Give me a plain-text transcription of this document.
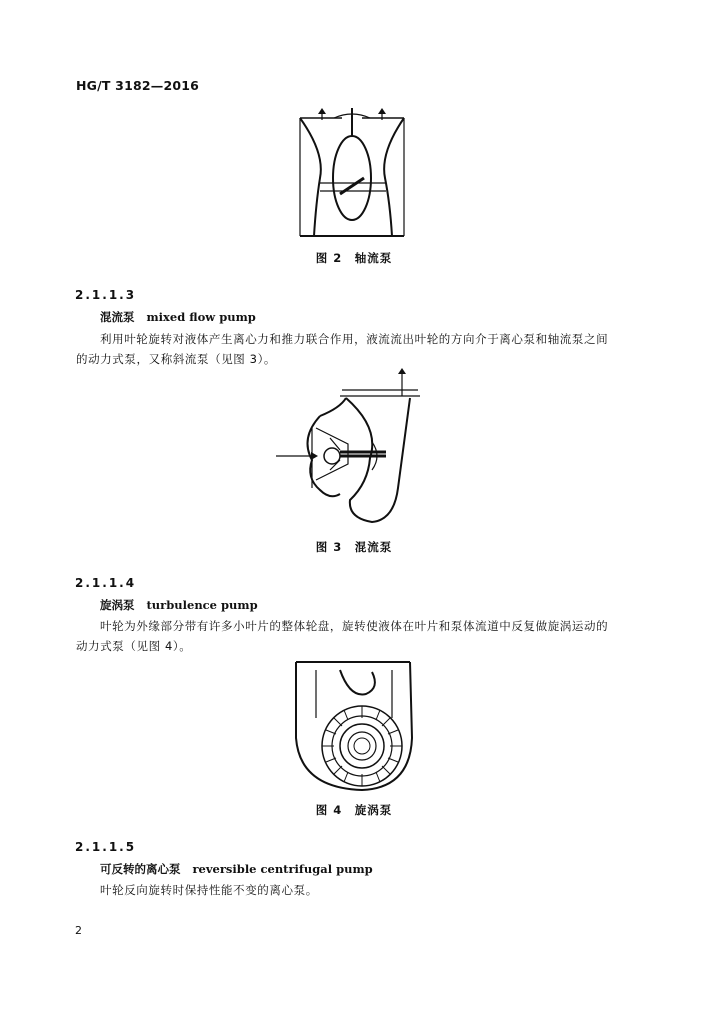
HG/T 3182—2016
图 2　轴流泵
2.1.1.3
混流泵 mixed flow pump
利用叶轮旋转对液体产生离心力和推力联合作用，液流流出叶轮的方向介于离心泵和轴流泵之间
的动力式泵，又称斜流泵（见图 3）。
图 3　混流泵
2.1.1.4
旋涡泵 turbulence pump
叶轮为外缘部分带有许多小叶片的整体轮盘，旋转使液体在叶片和泵体流道中反复做旋涡运动的
动力式泵（见图 4）。
图 4　旋涡泵
2.1.1.5
可反转的离心泵 reversible centrifugal pump
叶轮反向旋转时保持性能不变的离心泵。
2
